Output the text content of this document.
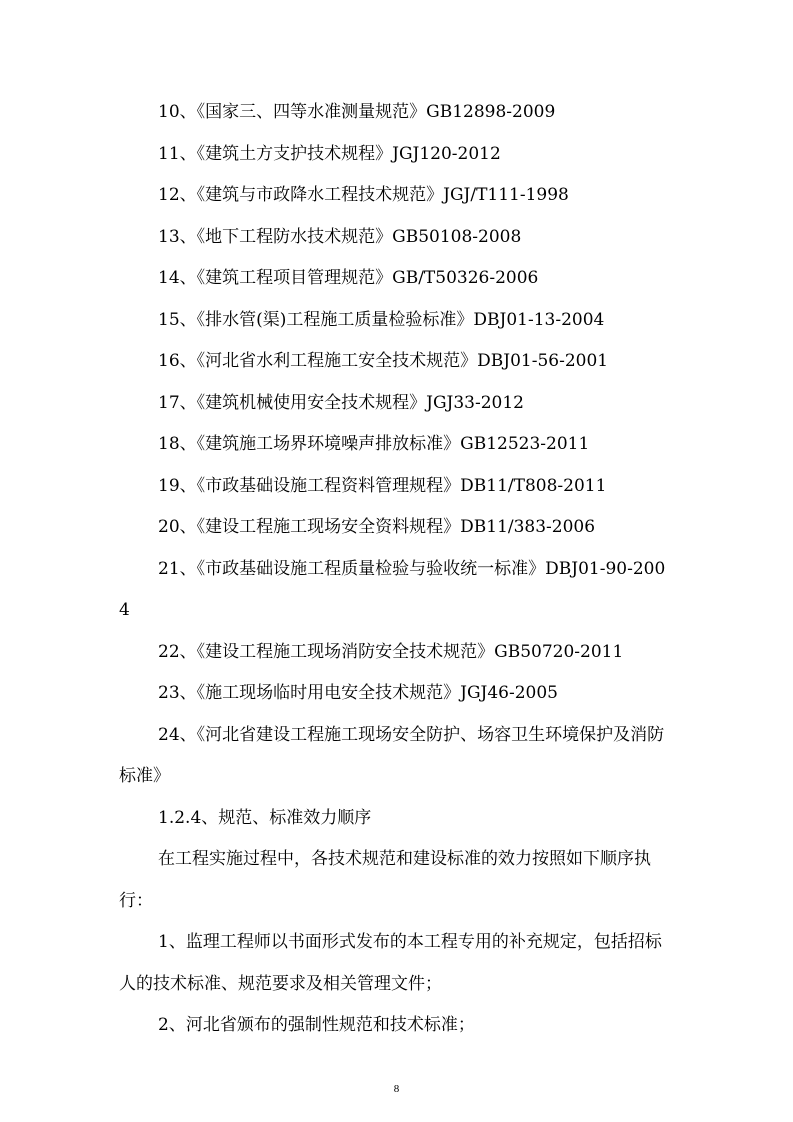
10、《国家三、四等水准测量规范》GB12898-2009

11、《建筑土方支护技术规程》JGJ120-2012

12、《建筑与市政降水工程技术规范》JGJ/T111-1998

13、《地下工程防水技术规范》GB50108-2008

14、《建筑工程项目管理规范》GB/T50326-2006

15、《排水管(渠)工程施工质量检验标准》DBJ01-13-2004

16、《河北省水利工程施工安全技术规范》DBJ01-56-2001

17、《建筑机械使用安全技术规程》JGJ33-2012

18、《建筑施工场界环境噪声排放标准》GB12523-2011

19、《市政基础设施工程资料管理规程》DB11/T808-2011

20、《建设工程施工现场安全资料规程》DB11/383-2006

21、《市政基础设施工程质量检验与验收统一标准》DBJ01-90-2004

22、《建设工程施工现场消防安全技术规范》GB50720-2011

23、《施工现场临时用电安全技术规范》JGJ46-2005

24、《河北省建设工程施工现场安全防护、场容卫生环境保护及消防标准》

1.2.4、规范、标准效力顺序

在工程实施过程中，各技术规范和建设标准的效力按照如下顺序执行：

1、监理工程师以书面形式发布的本工程专用的补充规定，包括招标人的技术标准、规范要求及相关管理文件；

2、河北省颁布的强制性规范和技术标准；

8
